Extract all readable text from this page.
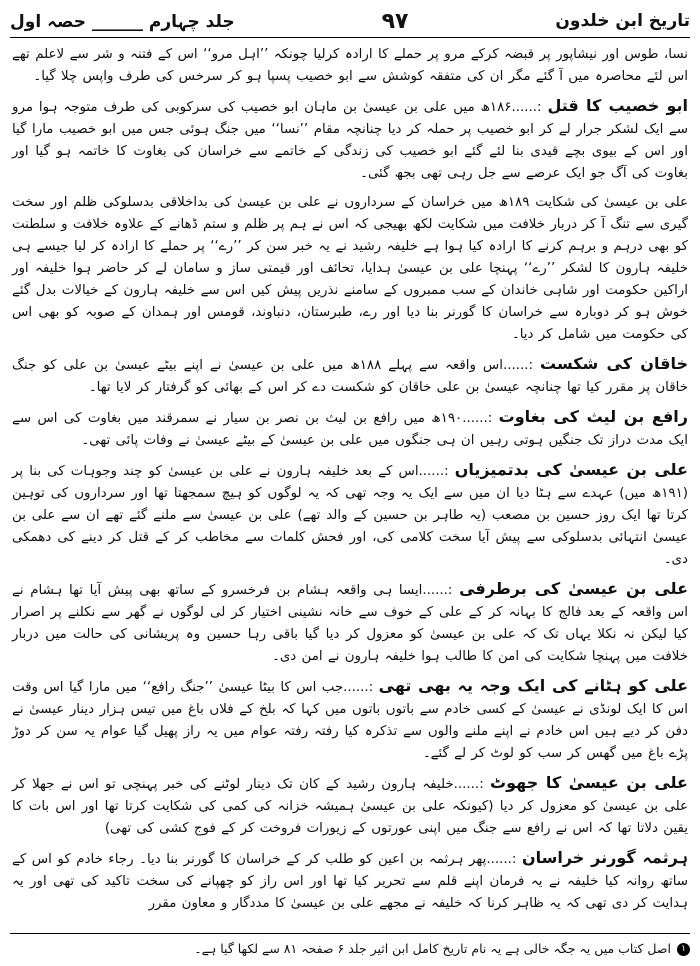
تاریخ ابن خلدون
۹۷
جلد چہارم ______ حصہ اول

نسا، طوس اور نیشاپور پر قبضہ کرکے مرو پر حملے کا ارادہ کرلیا چونکہ ’’اہل مرو‘‘ اس کے فتنہ و شر سے لاعلم تھے اس لئے محاصرہ میں آ گئے مگر ان کی متفقہ کوشش سے ابو خصیب پسپا ہو کر سرخس کی طرف واپس چلا گیا۔

ابو خصیب کا قتل :......۱۸۶ھ میں علی بن عیسیٰ بن ماہان ابو خصیب کی سرکوبی کی طرف متوجہ ہوا مرو سے ایک لشکر جرار لے کر ابو خصیب پر حملہ کر دیا چنانچہ مقام ’’نسا‘‘ میں جنگ ہوئی جس میں ابو خصیب مارا گیا اور اس کے بیوی بچے قیدی بنا لئے گئے ابو خصیب کی زندگی کے خاتمے سے خراسان کی بغاوت کا خاتمہ ہو گیا اور بغاوت کی آگ جو ایک عرصے سے جل رہی تھی بجھ گئی۔

علی بن عیسیٰ کی شکایت ۱۸۹ھ میں خراسان کے سرداروں نے علی بن عیسیٰ کی بداخلاقی بدسلوکی ظلم اور سخت گیری سے تنگ آ کر دربار خلافت میں شکایت لکھ بھیجی کہ اس نے ہم پر ظلم و ستم ڈھانے کے علاوہ خلافت و سلطنت کو بھی درہم و برہم کرنے کا ارادہ کیا ہوا ہے خلیفہ رشید نے یہ خبر سن کر ’’رے‘‘ پر حملے کا ارادہ کر لیا جیسے ہی خلیفہ ہارون کا لشکر ’’رے‘‘ پہنچا علی بن عیسیٰ ہدایا، تحائف اور قیمتی ساز و سامان لے کر حاضر ہوا خلیفہ اور اراکین حکومت اور شاہی خاندان کے سب ممبروں کے سامنے نذریں پیش کیں اس سے خلیفہ ہارون کے خیالات بدل گئے خوش ہو کر دوبارہ سے خراسان کا گورنر بنا دیا اور رے، طبرستان، دنباوند، قومس اور ہمدان کے صوبہ کو بھی اس کی حکومت میں شامل کر دیا۔

خاقان کی شکست :......اس واقعہ سے پہلے ۱۸۸ھ میں علی بن عیسیٰ نے اپنے بیٹے عیسیٰ بن علی کو جنگ خاقان پر مقرر کیا تھا چنانچہ عیسیٰ بن علی خاقان کو شکست دے کر اس کے بھائی کو گرفتار کر لایا تھا۔

رافع بن لیث کی بغاوت :......۱۹۰ھ میں رافع بن لیث بن نصر بن سیار نے سمرقند میں بغاوت کی اس سے ایک مدت دراز تک جنگیں ہوتی رہیں ان ہی جنگوں میں علی بن عیسیٰ کے بیٹے عیسیٰ نے وفات پائی تھی۔

علی بن عیسیٰ کی بدتمیزیاں :......اس کے بعد خلیفہ ہارون نے علی بن عیسیٰ کو چند وجوہات کی بنا پر (۱۹۱ھ میں) عہدے سے ہٹا دیا ان میں سے ایک یہ وجہ تھی کہ یہ لوگوں کو ہیچ سمجھتا تھا اور سرداروں کی توہین کرتا تھا ایک روز حسین بن مصعب (یہ طاہر بن حسین کے والد تھے) علی بن عیسیٰ سے ملنے گئے تھے ان سے علی بن عیسیٰ انتہائی بدسلوکی سے پیش آیا سخت کلامی کی، اور فحش کلمات سے مخاطب کر کے قتل کر دینے کی دھمکی دی۔

علی بن عیسیٰ کی برطرفی :......ایسا ہی واقعہ ہشام بن فرخسرو کے ساتھ بھی پیش آیا تھا ہشام نے اس واقعہ کے بعد فالج کا بہانہ کر کے علی کے خوف سے خانہ نشینی اختیار کر لی لوگوں نے گھر سے نکلنے پر اصرار کیا لیکن نہ نکلا یہاں تک کہ علی بن عیسیٰ کو معزول کر دیا گیا باقی رہا حسین وہ پریشانی کی حالت میں دربار خلافت میں پہنچا شکایت کی امن کا طالب ہوا خلیفہ ہارون نے امن دی۔

علی کو ہٹانے کی ایک وجہ یہ بھی تھی :......جب اس کا بیٹا عیسیٰ ’’جنگ رافع‘‘ میں مارا گیا اس وقت اس کا ایک لونڈی نے عیسیٰ کے کسی خادم سے باتوں باتوں میں کہا کہ بلخ کے فلاں باغ میں تیس ہزار دینار عیسیٰ نے دفن کر دیے ہیں اس خادم نے اپنے ملنے والوں سے تذکرہ کیا رفتہ رفتہ عوام میں یہ راز پھیل گیا عوام یہ سن کر دوڑ پڑے باغ میں گھس کر سب کو لوٹ کر لے گئے۔

علی بن عیسیٰ کا جھوٹ :......خلیفہ ہارون رشید کے کان تک دینار لوٹنے کی خبر پہنچی تو اس نے جھلا کر علی بن عیسیٰ کو معزول کر دیا (کیونکہ علی بن عیسیٰ ہمیشہ خزانہ کی کمی کی شکایت کرتا تھا اور اس بات کا یقین دلاتا تھا کہ اس نے رافع سے جنگ میں اپنی عورتوں کے زیورات فروخت کر کے فوج کشی کی تھی)

ہرثمہ گورنر خراسان :......پھر ہرثمہ بن اعین کو طلب کر کے خراسان کا گورنر بنا دیا۔ رجاء خادم کو اس کے ساتھ روانہ کیا خلیفہ نے یہ فرمان اپنے قلم سے تحریر کیا تھا اور اس راز کو چھپانے کی سخت تاکید کی تھی اور یہ ہدایت کر دی تھی کہ یہ ظاہر کرنا کہ خلیفہ نے مجھے علی بن عیسیٰ کا مددگار و معاون مقرر

۱
اصل کتاب میں یہ جگہ خالی ہے یہ نام تاریخ کامل ابن اثیر جلد ۶ صفحہ ۸۱ سے لکھا گیا ہے۔
